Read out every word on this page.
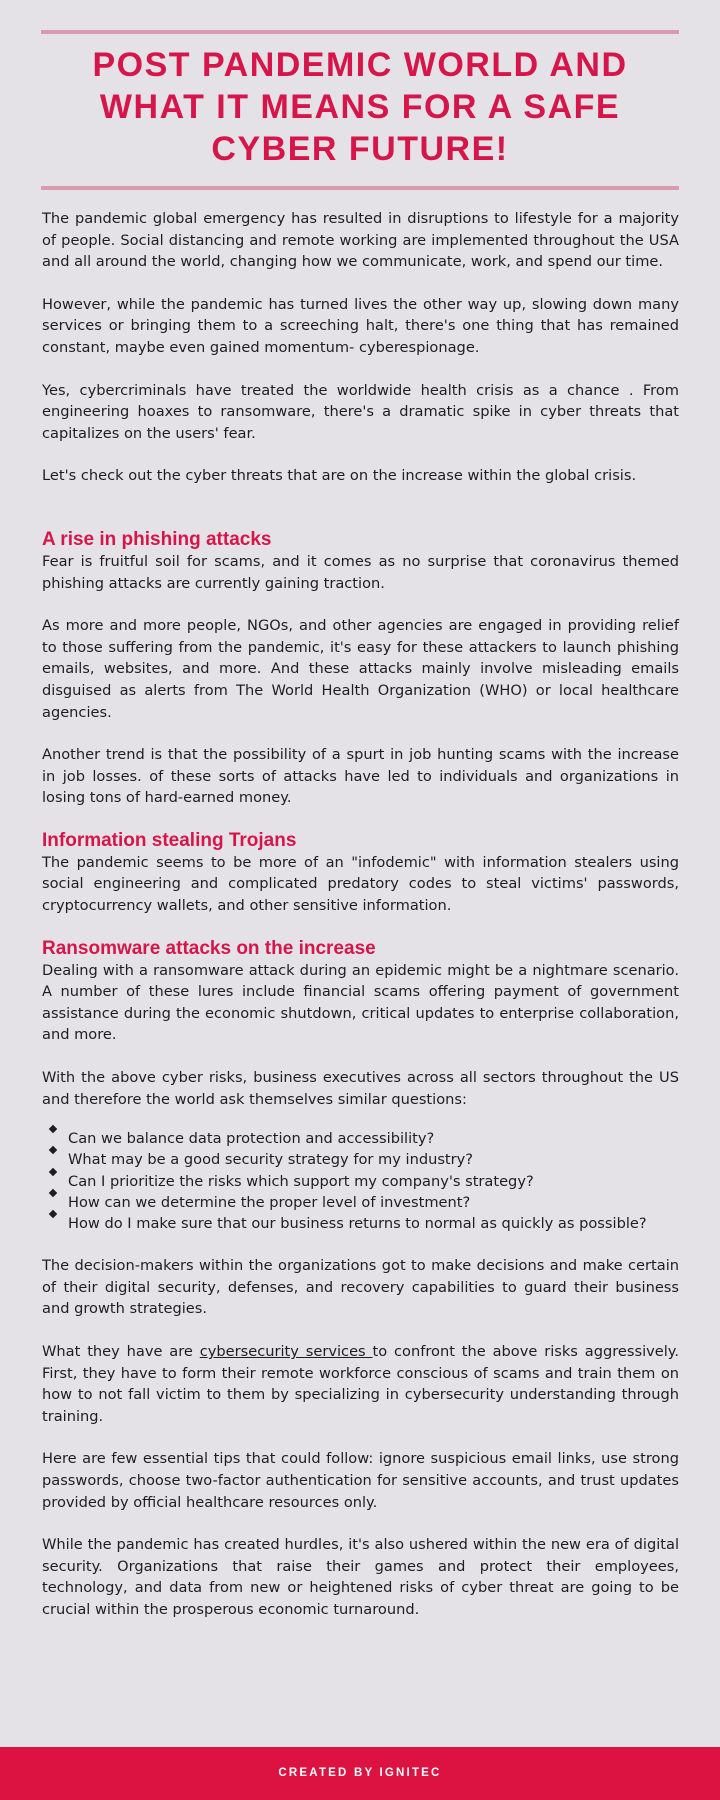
POST PANDEMIC WORLD AND WHAT IT MEANS FOR A SAFE CYBER FUTURE!

The pandemic global emergency has resulted in disruptions to lifestyle for a majority of people. Social distancing and remote working are implemented throughout the USA and all around the world, changing how we communicate, work, and spend our time.

However, while the pandemic has turned lives the other way up, slowing down many services or bringing them to a screeching halt, there's one thing that has remained constant, maybe even gained momentum- cyberespionage.

Yes, cybercriminals have treated the worldwide health crisis as a chance . From engineering hoaxes to ransomware, there's a dramatic spike in cyber threats that capitalizes on the users' fear.

Let's check out the cyber threats that are on the increase within the global crisis.

A rise in phishing attacks

Fear is fruitful soil for scams, and it comes as no surprise that coronavirus themed phishing attacks are currently gaining traction.

As more and more people, NGOs, and other agencies are engaged in providing relief to those suffering from the pandemic, it's easy for these attackers to launch phishing emails, websites, and more. And these attacks mainly involve misleading emails disguised as alerts from The World Health Organization (WHO) or local healthcare agencies.

Another trend is that the possibility of a spurt in job hunting scams with the increase in job losses. of these sorts of attacks have led to individuals and organizations in losing tons of hard-earned money.

Information stealing Trojans

The pandemic seems to be more of an "infodemic" with information stealers using social engineering and complicated predatory codes to steal victims' passwords, cryptocurrency wallets, and other sensitive information.

Ransomware attacks on the increase

Dealing with a ransomware attack during an epidemic might be a nightmare scenario. A number of these lures include financial scams offering payment of government assistance during the economic shutdown, critical updates to enterprise collaboration, and more.

With the above cyber risks, business executives across all sectors throughout the US and therefore the world ask themselves similar questions:

Can we balance data protection and accessibility?
What may be a good security strategy for my industry?
Can I prioritize the risks which support my company's strategy?
How can we determine the proper level of investment?
How do I make sure that our business returns to normal as quickly as possible?

The decision-makers within the organizations got to make decisions and make certain of their digital security, defenses, and recovery capabilities to guard their business and growth strategies.

What they have are cybersecurity services to confront the above risks aggressively. First, they have to form their remote workforce conscious of scams and train them on how to not fall victim to them by specializing in cybersecurity understanding through training.

Here are few essential tips that could follow: ignore suspicious email links, use strong passwords, choose two-factor authentication for sensitive accounts, and trust updates provided by official healthcare resources only.

While the pandemic has created hurdles, it's also ushered within the new era of digital security. Organizations that raise their games and protect their employees, technology, and data from new or heightened risks of cyber threat are going to be crucial within the prosperous economic turnaround.

CREATED BY IGNITEC
